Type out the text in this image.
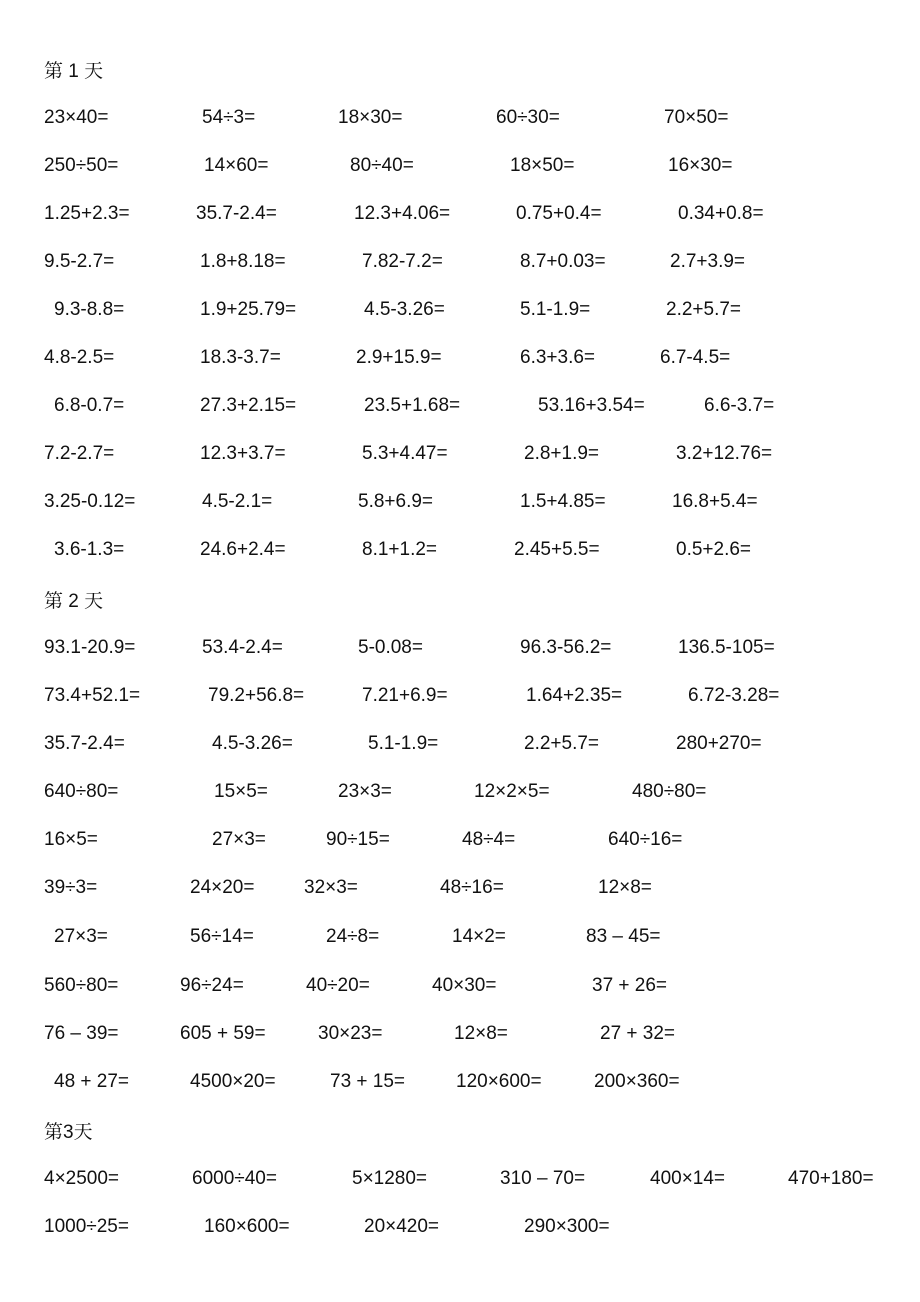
第 1 天
23×40=	54÷3=	18×30=	60÷30=	70×50=
250÷50=	14×60=	80÷40=	18×50=	16×30=
1.25+2.3=	35.7-2.4=	12.3+4.06=	0.75+0.4=	0.34+0.8=
9.5-2.7=	1.8+8.18=	7.82-7.2=	8.7+0.03=	2.7+3.9=
9.3-8.8=	1.9+25.79=	4.5-3.26=	5.1-1.9=	2.2+5.7=
4.8-2.5=	18.3-3.7=	2.9+15.9=	6.3+3.6=	6.7-4.5=
6.8-0.7=	27.3+2.15=	23.5+1.68=	53.16+3.54=	6.6-3.7=
7.2-2.7=	12.3+3.7=	5.3+4.47=	2.8+1.9=	3.2+12.76=
3.25-0.12=	4.5-2.1=	5.8+6.9=	1.5+4.85=	16.8+5.4=
3.6-1.3=	24.6+2.4=	8.1+1.2=	2.45+5.5=	0.5+2.6=
第 2 天
93.1-20.9=	53.4-2.4=	5-0.08=	96.3-56.2=	136.5-105=
73.4+52.1=	79.2+56.8=	7.21+6.9=	1.64+2.35=	6.72-3.28=
35.7-2.4=	4.5-3.26=	5.1-1.9=	2.2+5.7=	280+270=
640÷80=	15×5=	23×3=	12×2×5=	480÷80=
16×5=	27×3=	90÷15=	48÷4=	640÷16=
39÷3=	24×20=	32×3=	48÷16=	12×8=
27×3=	56÷14=	24÷8=	14×2=	83 – 45=
560÷80=	96÷24=	40÷20=	40×30=	37 + 26=
76 – 39=	605 + 59=	30×23=	12×8=	27 + 32=
48 + 27=	4500×20=	73 + 15=	120×600=	200×360=
第3天
4×2500=	6000÷40=	5×1280=	310 – 70=	400×14=	470+180=
1000÷25=	160×600=	20×420=	290×300=
